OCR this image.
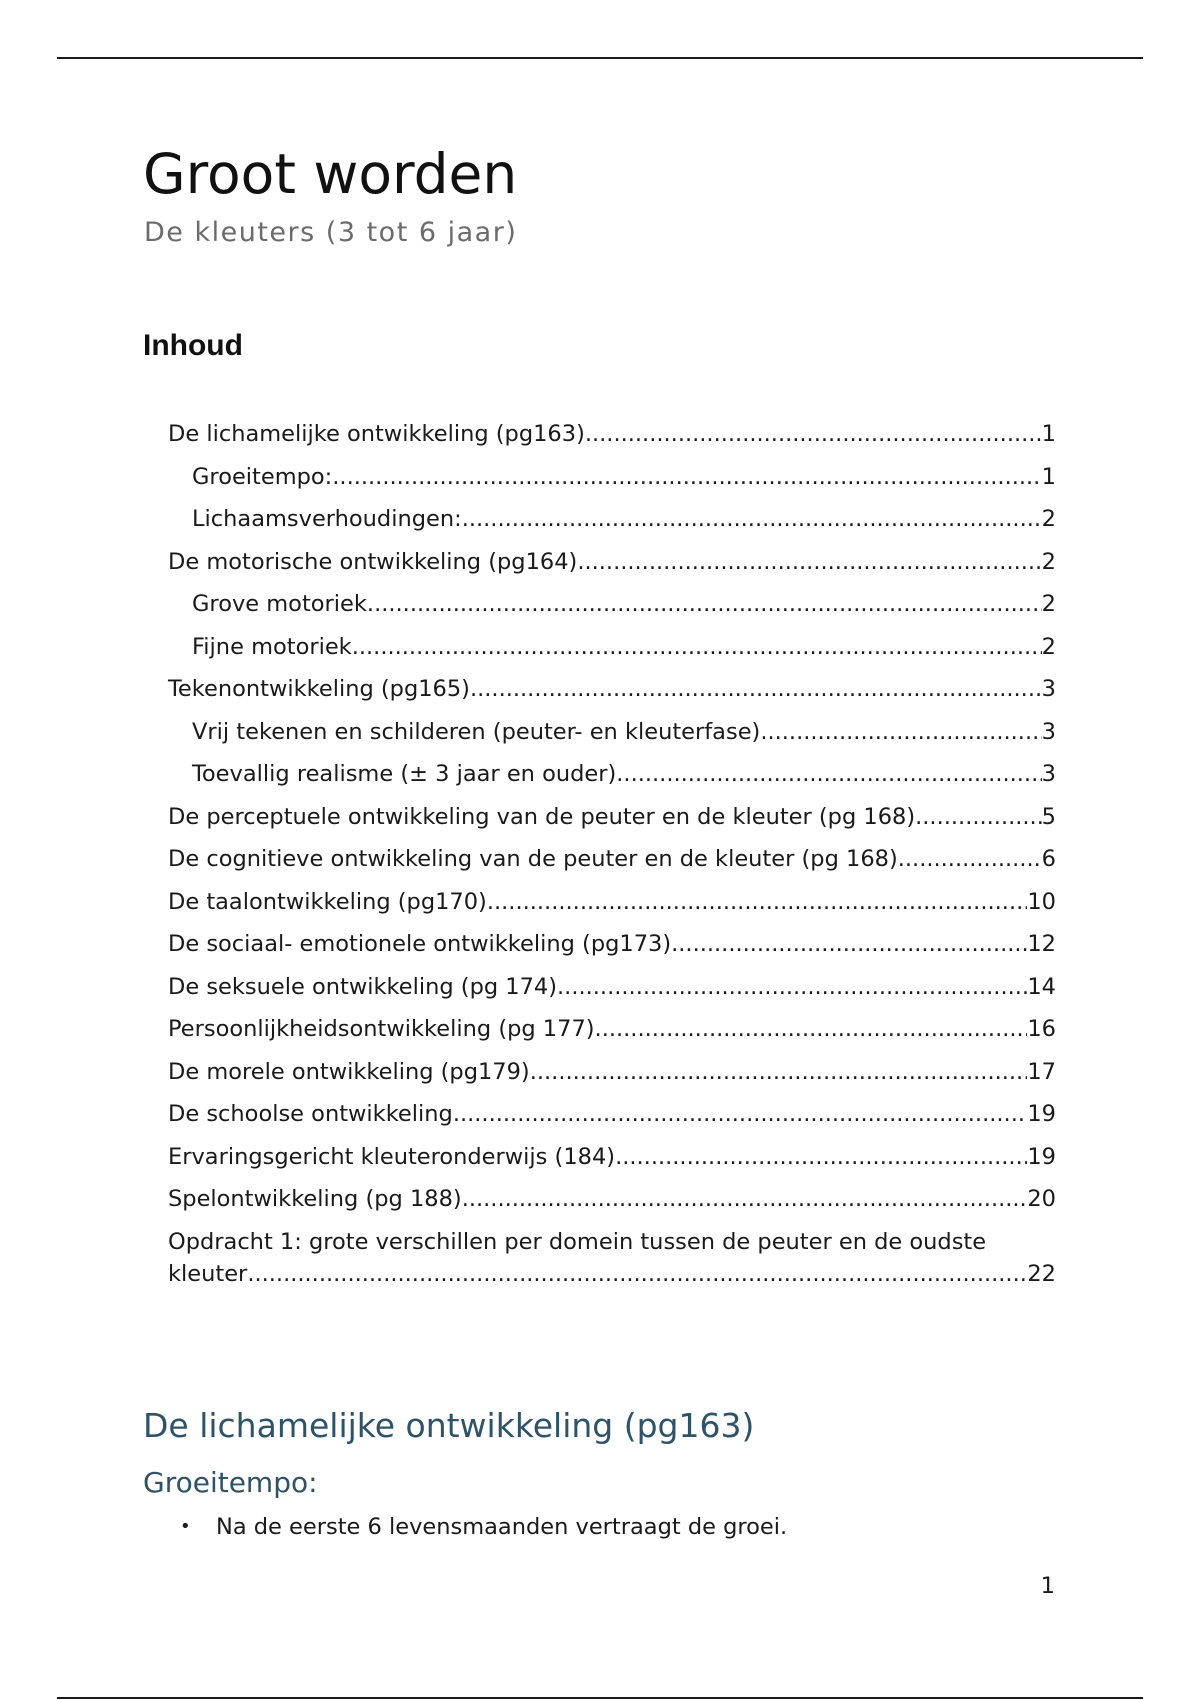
Groot worden

De kleuters (3 tot 6 jaar)

Inhoud
De lichamelijke ontwikkeling (pg163) .....	1
Groeitempo: .....	1
Lichaamsverhoudingen: .....	2
De motorische ontwikkeling (pg164) .....	2
Grove motoriek .....	2
Fijne motoriek .....	2
Tekenontwikkeling (pg165) .....	3
Vrij tekenen en schilderen (peuter- en kleuterfase) .....	3
Toevallig realisme (± 3 jaar en ouder) .....	3
De perceptuele ontwikkeling van de peuter en de kleuter (pg 168) .....	5
De cognitieve ontwikkeling van de peuter en de kleuter (pg 168) .....	6
De taalontwikkeling (pg170) .....	10
De sociaal- emotionele ontwikkeling (pg173) .....	12
De seksuele ontwikkeling (pg 174) .....	14
Persoonlijkheidsontwikkeling (pg 177) .....	16
De morele ontwikkeling (pg179) .....	17
De schoolse ontwikkeling .....	19
Ervaringsgericht kleuteronderwijs (184) .....	19
Spelontwikkeling (pg 188) .....	20
Opdracht 1: grote verschillen per domein tussen de peuter en de oudste
kleuter .....	22
De lichamelijke ontwikkeling (pg163)
Groeitempo:
•	Na de eerste 6 levensmaanden vertraagt de groei.

1
